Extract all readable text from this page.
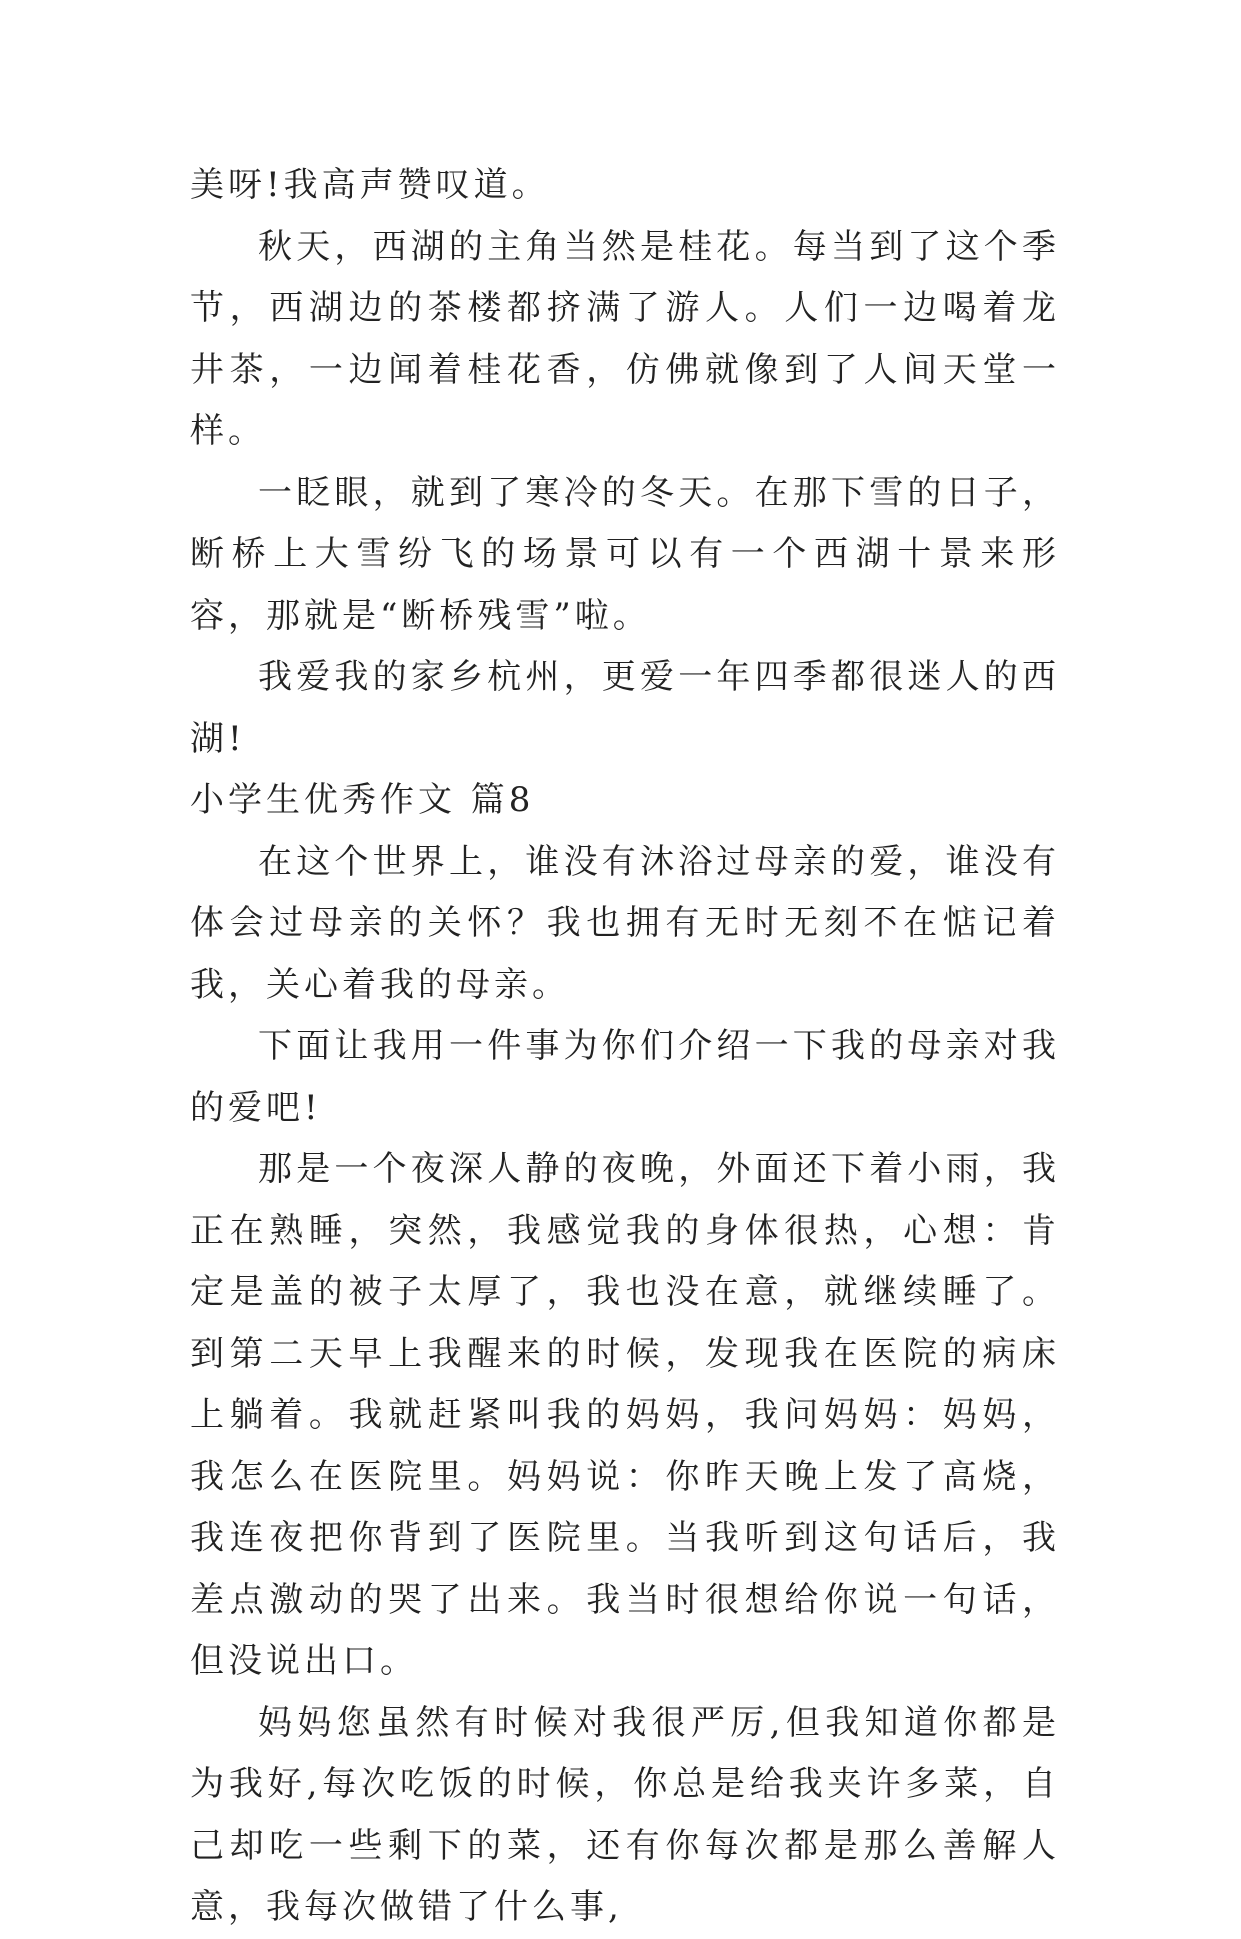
美呀!我高声赞叹道。

秋天，西湖的主角当然是桂花。每当到了这个季节，西湖边的茶楼都挤满了游人。人们一边喝着龙井茶，一边闻着桂花香，仿佛就像到了人间天堂一样。

一眨眼，就到了寒冷的冬天。在那下雪的日子，断桥上大雪纷飞的场景可以有一个西湖十景来形容，那就是“断桥残雪”啦。

我爱我的家乡杭州，更爱一年四季都很迷人的西湖!

小学生优秀作文 篇8

在这个世界上，谁没有沐浴过母亲的爱，谁没有体会过母亲的关怀？我也拥有无时无刻不在惦记着我，关心着我的母亲。

下面让我用一件事为你们介绍一下我的母亲对我的爱吧!

那是一个夜深人静的夜晚，外面还下着小雨，我正在熟睡，突然，我感觉我的身体很热，心想：肯定是盖的被子太厚了，我也没在意，就继续睡了。到第二天早上我醒来的时候，发现我在医院的病床上躺着。我就赶紧叫我的妈妈，我问妈妈：妈妈，我怎么在医院里。妈妈说：你昨天晚上发了高烧，我连夜把你背到了医院里。当我听到这句话后，我差点激动的哭了出来。我当时很想给你说一句话，但没说出口。

妈妈您虽然有时候对我很严厉,但我知道你都是为我好,每次吃饭的时候，你总是给我夹许多菜，自己却吃一些剩下的菜，还有你每次都是那么善解人意，我每次做错了什么事,
